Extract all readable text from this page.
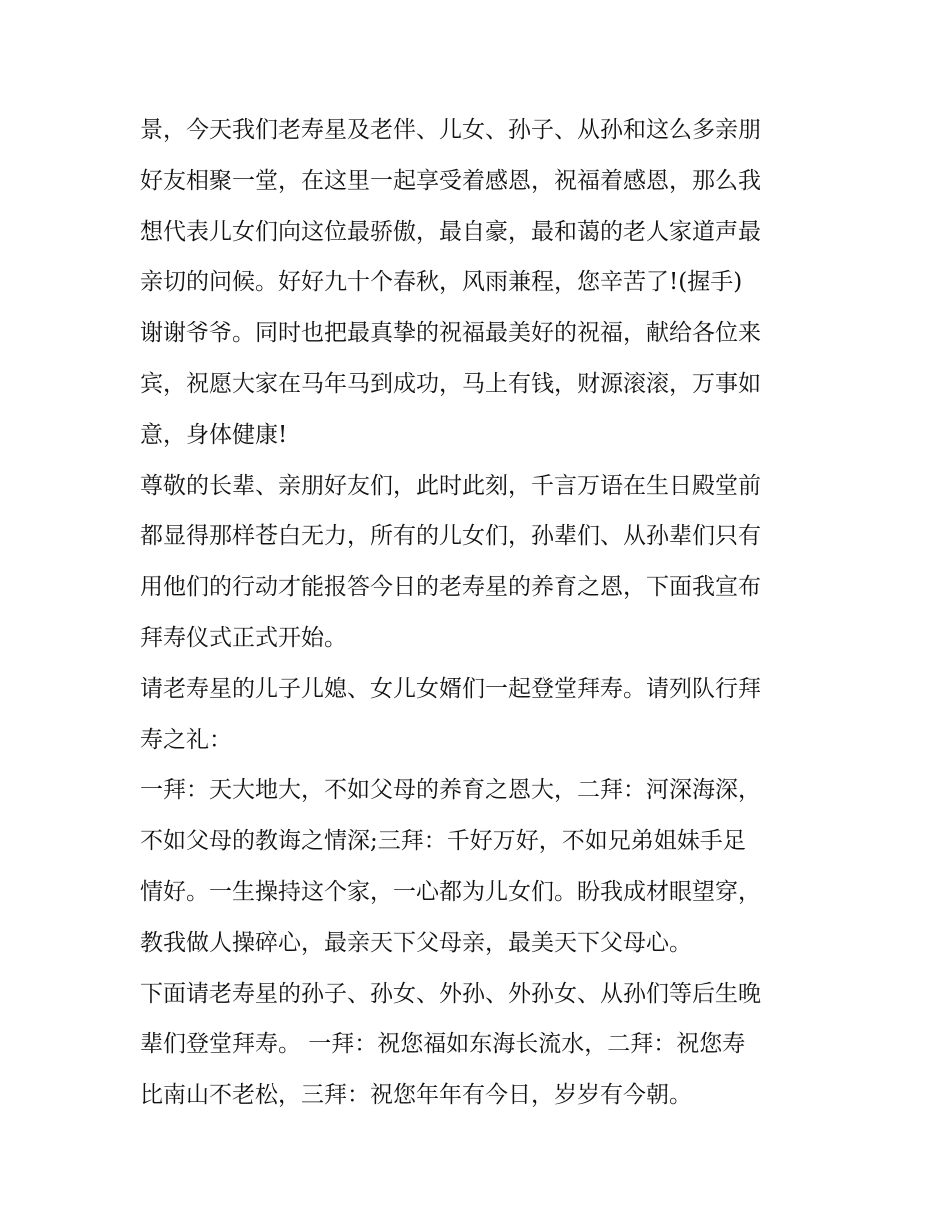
景，今天我们老寿星及老伴、儿女、孙子、从孙和这么多亲朋
好友相聚一堂，在这里一起享受着感恩，祝福着感恩，那么我
想代表儿女们向这位最骄傲，最自豪，最和蔼的老人家道声最
亲切的问候。好好九十个春秋，风雨兼程，您辛苦了!(握手)
谢谢爷爷。同时也把最真挚的祝福最美好的祝福，献给各位来
宾，祝愿大家在马年马到成功，马上有钱，财源滚滚，万事如
意，身体健康!
尊敬的长辈、亲朋好友们，此时此刻，千言万语在生日殿堂前
都显得那样苍白无力，所有的儿女们，孙辈们、从孙辈们只有
用他们的行动才能报答今日的老寿星的养育之恩，下面我宣布
拜寿仪式正式开始。
请老寿星的儿子儿媳、女儿女婿们一起登堂拜寿。请列队行拜
寿之礼：
一拜：天大地大，不如父母的养育之恩大，二拜：河深海深，
不如父母的教诲之情深;三拜：千好万好，不如兄弟姐妹手足
情好。一生操持这个家，一心都为儿女们。盼我成材眼望穿，
教我做人操碎心，最亲天下父母亲，最美天下父母心。
下面请老寿星的孙子、孙女、外孙、外孙女、从孙们等后生晚
辈们登堂拜寿。 一拜：祝您福如东海长流水，二拜：祝您寿
比南山不老松，三拜：祝您年年有今日，岁岁有今朝。
